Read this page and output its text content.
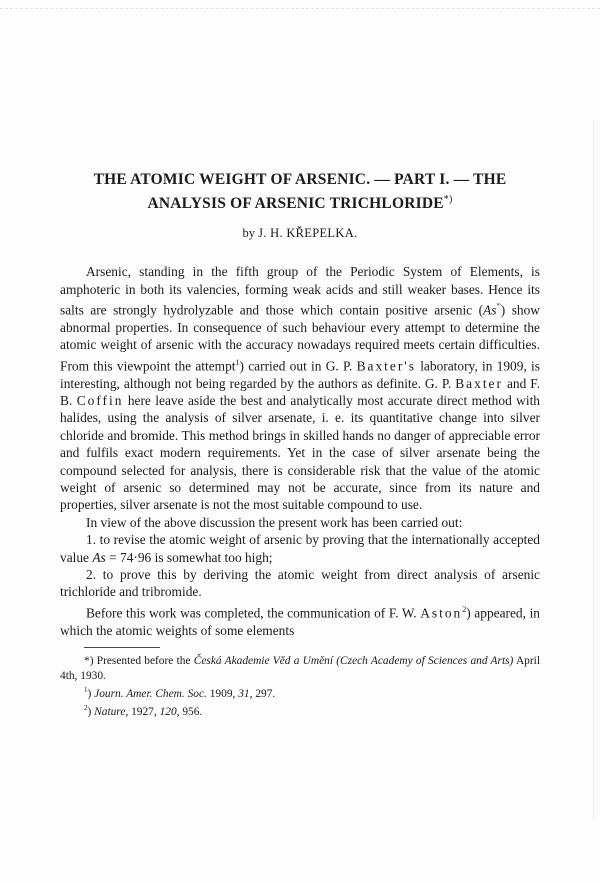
THE ATOMIC WEIGHT OF ARSENIC. — PART I. — THE
ANALYSIS OF ARSENIC TRICHLORIDE*)
by J. H. KŘEPELKA.

Arsenic, standing in the fifth group of the Periodic System of Elements, is amphoteric in both its valencies, forming weak acids and still weaker bases. Hence its salts are strongly hydrolyzable and those which contain positive arsenic (As''') show abnormal properties. In consequence of such behaviour every attempt to determine the atomic weight of arsenic with the accuracy nowadays required meets certain difficulties. From this viewpoint the attempt$^1$) carried out in G. P. Baxter's laboratory, in 1909, is interesting, although not being regarded by the authors as definite. G. P. Baxter and F. B. Coffin here leave aside the best and analytically most accurate direct method with halides, using the analysis of silver arsenate, i. e. its quantitative change into silver chloride and bromide. This method brings in skilled hands no danger of appreciable error and fulfils exact modern requirements. Yet in the case of silver arsenate being the compound selected for analysis, there is considerable risk that the value of the atomic weight of arsenic so determined may not be accurate, since from its nature and properties, silver arsenate is not the most suitable compound to use.

In view of the above discussion the present work has been carried out:

1. to revise the atomic weight of arsenic by proving that the internationally accepted value As = 74·96 is somewhat too high;

2. to prove this by deriving the atomic weight from direct analysis of arsenic trichloride and tribromide.

Before this work was completed, the communication of F. W. Aston$^2$) appeared, in which the atomic weights of some elements

*) Presented before the Česká Akademie Věd a Umění (Czech Academy of Sciences and Arts) April 4th, 1930.

$^1$) Journ. Amer. Chem. Soc. 1909, 31, 297.

$^2$) Nature, 1927, 120, 956.
